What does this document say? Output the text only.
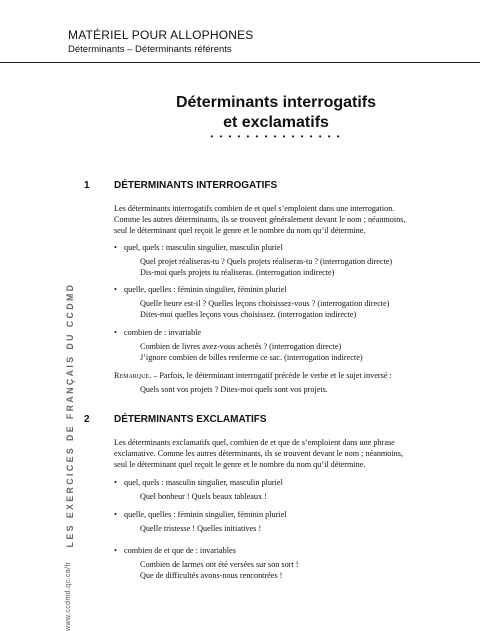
MATÉRIEL POUR ALLOPHONES
Déterminants – Déterminants référents
LES EXERCICES DE FRANÇAIS DU CCDMD
www.ccdmd.qc.ca/fr
Déterminants interrogatifs
et exclamatifs
• • • • • • • • • • • • • • •
1 DÉTERMINANTS INTERROGATIFS
Les déterminants interrogatifs combien de et quel s’emploient dans une interrogation.
Comme les autres déterminants, ils se trouvent généralement devant le nom ; néanmoins,
seul le déterminant quel reçoit le genre et le nombre du nom qu’il détermine.
• quel, quels : masculin singulier, masculin pluriel
Quel projet réaliseras-tu ? Quels projets réaliseras-tu ? (interrogation directe)
Dis-moi quels projets tu réaliseras. (interrogation indirecte)
• quelle, quelles : féminin singulier, féminin pluriel
Quelle heure est-il ? Quelles leçons choisissez-vous ? (interrogation directe)
Dites-moi quelles leçons vous choisissez. (interrogation indirecte)
• combien de : invariable
Combien de livres avez-vous achetés ? (interrogation directe)
J’ignore combien de billes renferme ce sac. (interrogation indirecte)
Remarque. – Parfois, le déterminant interrogatif précède le verbe et le sujet inversé :
Quels sont vos projets ? Dites-moi quels sont vos projets.
2 DÉTERMINANTS EXCLAMATIFS
Les déterminants exclamatifs quel, combien de et que de s’emploient dans une phrase
exclamative. Comme les autres déterminants, ils se trouvent devant le nom ; néanmoins,
seul le déterminant quel reçoit le genre et le nombre du nom qu’il détermine.
• quel, quels : masculin singulier, masculin pluriel
Quel bonheur ! Quels beaux tableaux !
• quelle, quelles : féminin singulier, féminin pluriel
Quelle tristesse ! Quelles initiatives !
• combien de et que de : invariables
Combien de larmes ont été versées sur son sort !
Que de difficultés avons-nous rencontrées !
